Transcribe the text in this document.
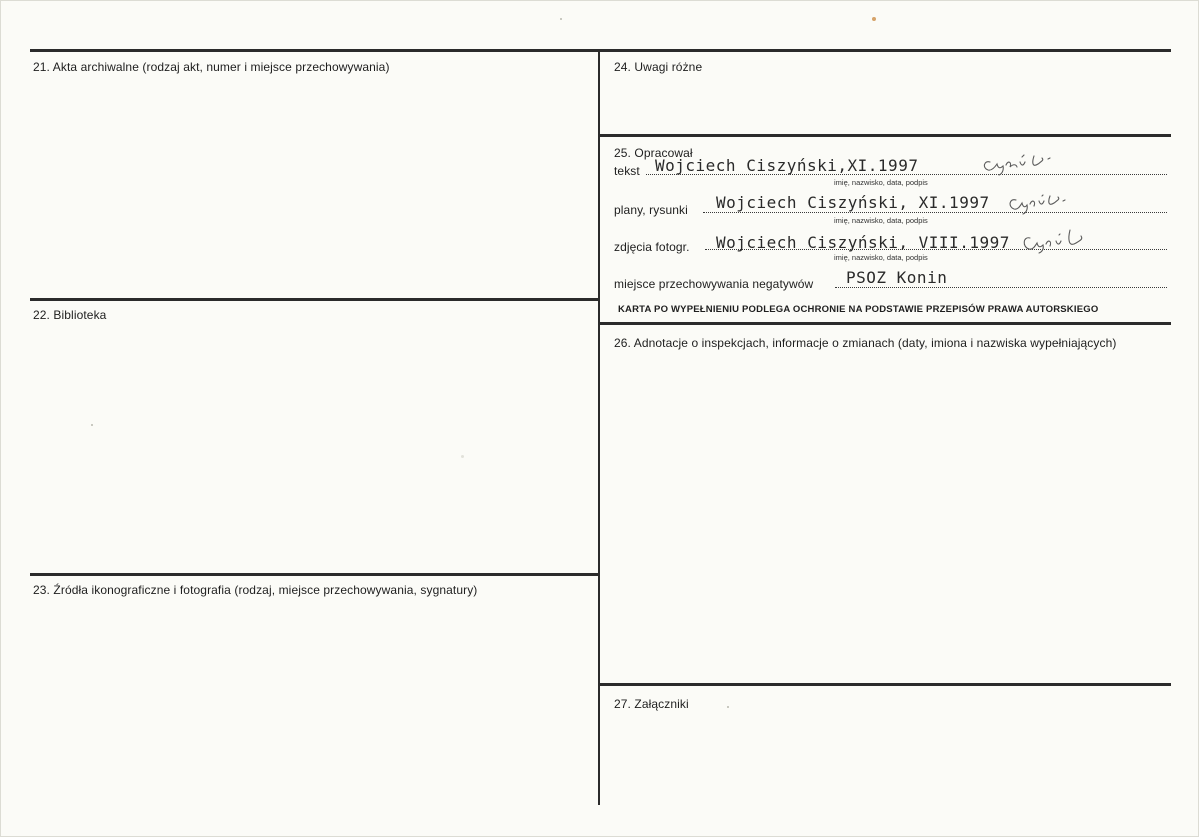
21. Akta archiwalne (rodzaj akt, numer i miejsce przechowywania)
22. Biblioteka
23. Źródła ikonograficzne i fotografia (rodzaj, miejsce przechowywania, sygnatury)
24. Uwagi różne
25. Opracował
26. Adnotacje o inspekcjach, informacje o zmianach (daty, imiona i nazwiska wypełniających)
27. Załączniki
tekst Wojciech Ciszyński,XI.1997
imię, nazwisko, data, podpis
plany, rysunki Wojciech Ciszyński, XI.1997
imię, nazwisko, data, podpis
zdjęcia fotogr. Wojciech Ciszyński, VIII.1997
imię, nazwisko, data, podpis
miejsce przechowywania negatywów PSOZ Konin
KARTA PO WYPEŁNIENIU PODLEGA OCHRONIE NA PODSTAWIE PRZEPISÓW PRAWA AUTORSKIEGO
